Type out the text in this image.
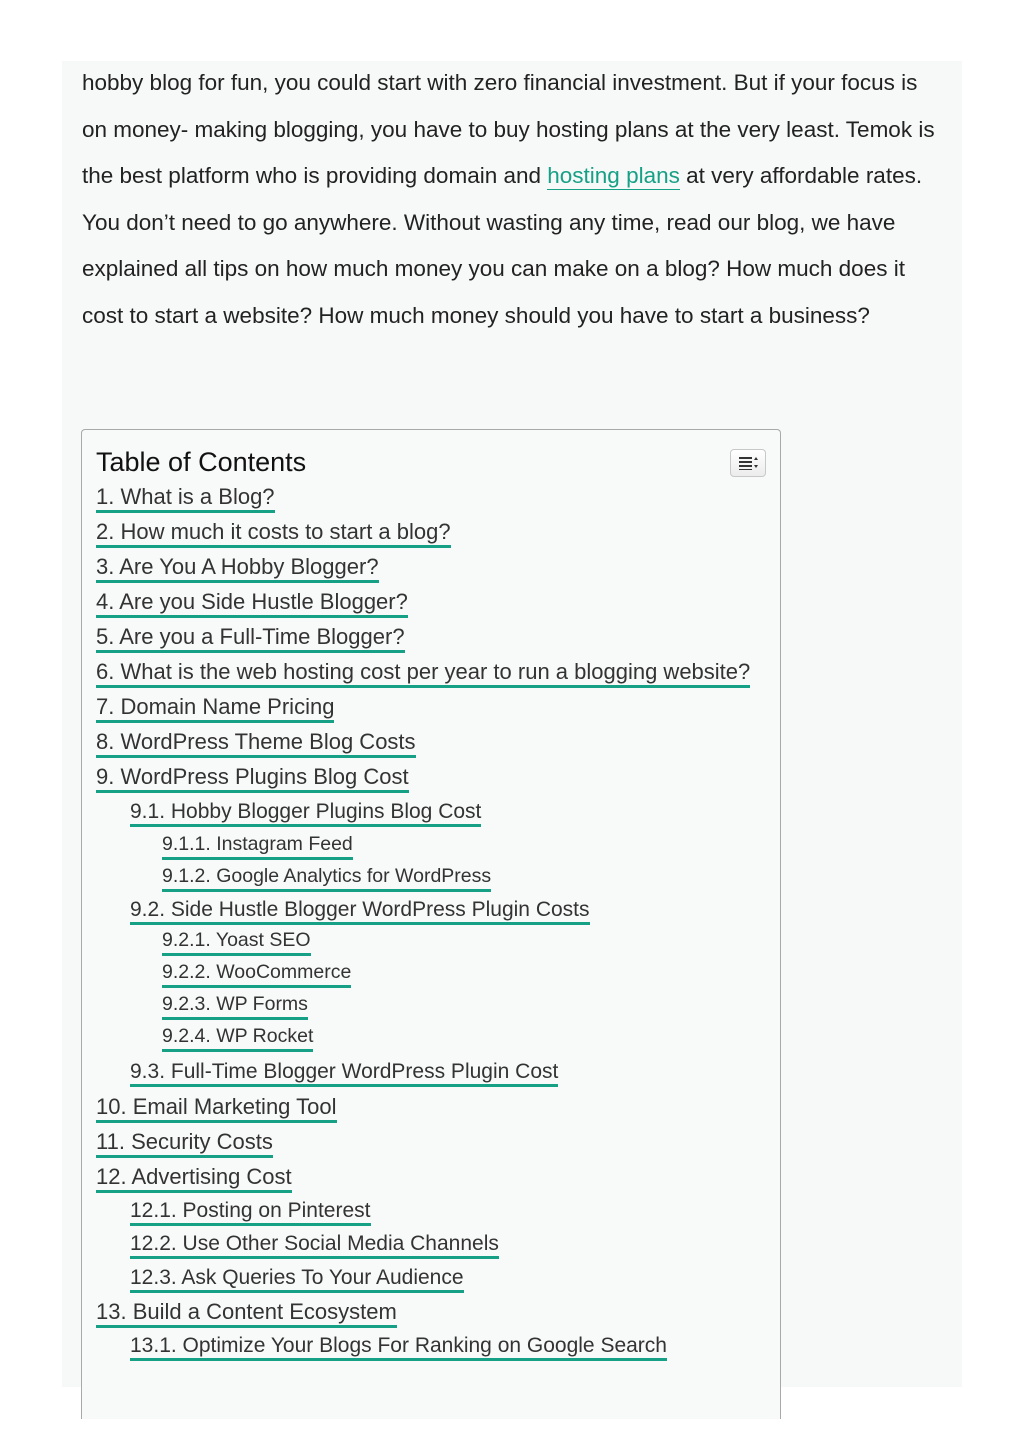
hobby blog for fun, you could start with zero financial investment. But if your focus is on money- making blogging, you have to buy hosting plans at the very least. Temok is the best platform who is providing domain and hosting plans at very affordable rates. You don’t need to go anywhere. Without wasting any time, read our blog, we have explained all tips on how much money you can make on a blog? How much does it cost to start a website? How much money should you have to start a business?

Table of Contents
1. What is a Blog?
2. How much it costs to start a blog?
3. Are You A Hobby Blogger?
4. Are you Side Hustle Blogger?
5. Are you a Full-Time Blogger?
6. What is the web hosting cost per year to run a blogging website?
7. Domain Name Pricing
8. WordPress Theme Blog Costs
9. WordPress Plugins Blog Cost
9.1. Hobby Blogger Plugins Blog Cost
9.1.1. Instagram Feed
9.1.2. Google Analytics for WordPress
9.2. Side Hustle Blogger WordPress Plugin Costs
9.2.1. Yoast SEO
9.2.2. WooCommerce
9.2.3. WP Forms
9.2.4. WP Rocket
9.3. Full-Time Blogger WordPress Plugin Cost
10. Email Marketing Tool
11. Security Costs
12. Advertising Cost
12.1. Posting on Pinterest
12.2. Use Other Social Media Channels
12.3. Ask Queries To Your Audience
13. Build a Content Ecosystem
13.1. Optimize Your Blogs For Ranking on Google Search
